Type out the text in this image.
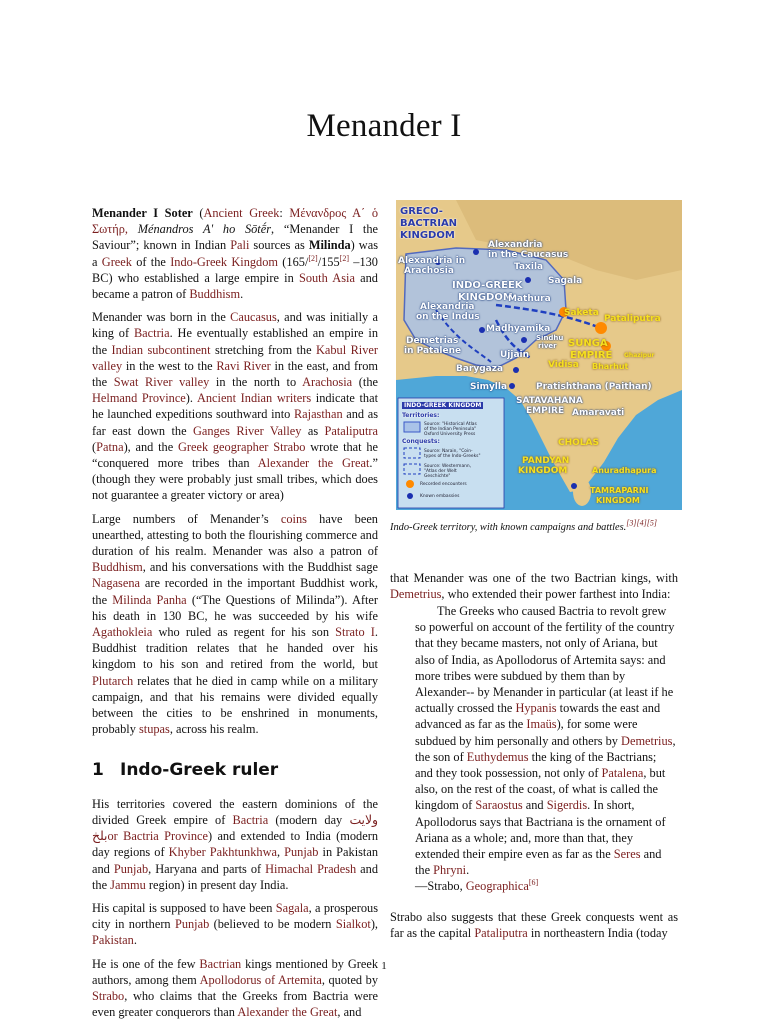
Menander I

Menander I Soter (Ancient Greek: Μένανδρος Α΄ ὁ Σωτήρ, Ménandros A' ho Sōtḗr, “Menander I the Saviour”; known in Indian Pali sources as Milinda) was a Greek of the Indo-Greek Kingdom (165/[2]/155[2] –130 BC) who established a large empire in South Asia and became a patron of Buddhism.

Menander was born in the Caucasus, and was initially a king of Bactria. He eventually established an empire in the Indian subcontinent stretching from the Kabul River valley in the west to the Ravi River in the east, and from the Swat River valley in the north to Arachosia (the Helmand Province). Ancient Indian writers indicate that he launched expeditions southward into Rajasthan and as far east down the Ganges River Valley as Pataliputra (Patna), and the Greek geographer Strabo wrote that he “conquered more tribes than Alexander the Great.” (though they were probably just small tribes, which does not guarantee a greater victory or area)

Large numbers of Menander’s coins have been unearthed, attesting to both the flourishing commerce and duration of his realm. Menander was also a patron of Buddhism, and his conversations with the Buddhist sage Nagasena are recorded in the important Buddhist work, the Milinda Panha (“The Questions of Milinda”). After his death in 130 BC, he was succeeded by his wife Agathokleia who ruled as regent for his son Strato I. Buddhist tradition relates that he handed over his kingdom to his son and retired from the world, but Plutarch relates that he died in camp while on a military campaign, and that his remains were divided equally between the cities to be enshrined in monuments, probably stupas, across his realm.

1 Indo-Greek ruler

His territories covered the eastern dominions of the divided Greek empire of Bactria (modern day ولایت بلخor Bactria Province) and extended to India (modern day regions of Khyber Pakhtunkhwa, Punjab in Pakistan and Punjab, Haryana and parts of Himachal Pradesh and the Jammu region) in present day India.

His capital is supposed to have been Sagala, a prosperous city in northern Punjab (believed to be modern Sialkot), Pakistan.

He is one of the few Bactrian kings mentioned by Greek authors, among them Apollodorus of Artemita, quoted by Strabo, who claims that the Greeks from Bactria were even greater conquerors than Alexander the Great, and

GRECO-
BACTRIAN
KINGDOM
Alexandria
in the Caucasus
Taxila
Sagala
Alexandria in
Arachosia
INDO-GREEK
KINGDOM
Mathura
Saketa
Pataliputra
Alexandria
on the Indus
Madhyamika
Sindhu
river SUNGA
EMPIRE
Demetrias
in Patalene	Ujjain
Vidisa Bharhut
Ghazipur
Barygaza
Simylla	Pratishthana (Paithan)
SATAVAHANA
EMPIRE Amaravati
CHOLAS
PANDYAN
KINGDOM	Anuradhapura
TAMRAPARNI
KINGDOM
INDO-GREEK KINGDOM
Territories:
Source: "Historical Atlas
of the Indian Peninsula"
Oxford University Press
Conquests:
Source: Narain, "Coin-
types of the Indo-Greeks"
Source: Westermann,
"Atlas der Welt
Geschichte"
Recorded encounters
Known embassies
Indo-Greek territory, with known campaigns and battles.[3][4][5]

that Menander was one of the two Bactrian kings, with Demetrius, who extended their power farthest into India:

The Greeks who caused Bactria to revolt grew so powerful on account of the fertility of the country that they became masters, not only of Ariana, but also of India, as Apollodorus of Artemita says: and more tribes were subdued by them than by Alexander-- by Menander in particular (at least if he actually crossed the Hypanis towards the east and advanced as far as the Imaüs), for some were subdued by him personally and others by Demetrius, the son of Euthydemus the king of the Bactrians; and they took possession, not only of Patalena, but also, on the rest of the coast, of what is called the kingdom of Saraostus and Sigerdis. In short, Apollodorus says that Bactriana is the ornament of Ariana as a whole; and, more than that, they extended their empire even as far as the Seres and the Phryni.

—Strabo, Geographica[6]

Strabo also suggests that these Greek conquests went as far as the capital Pataliputra in northeastern India (today

1
